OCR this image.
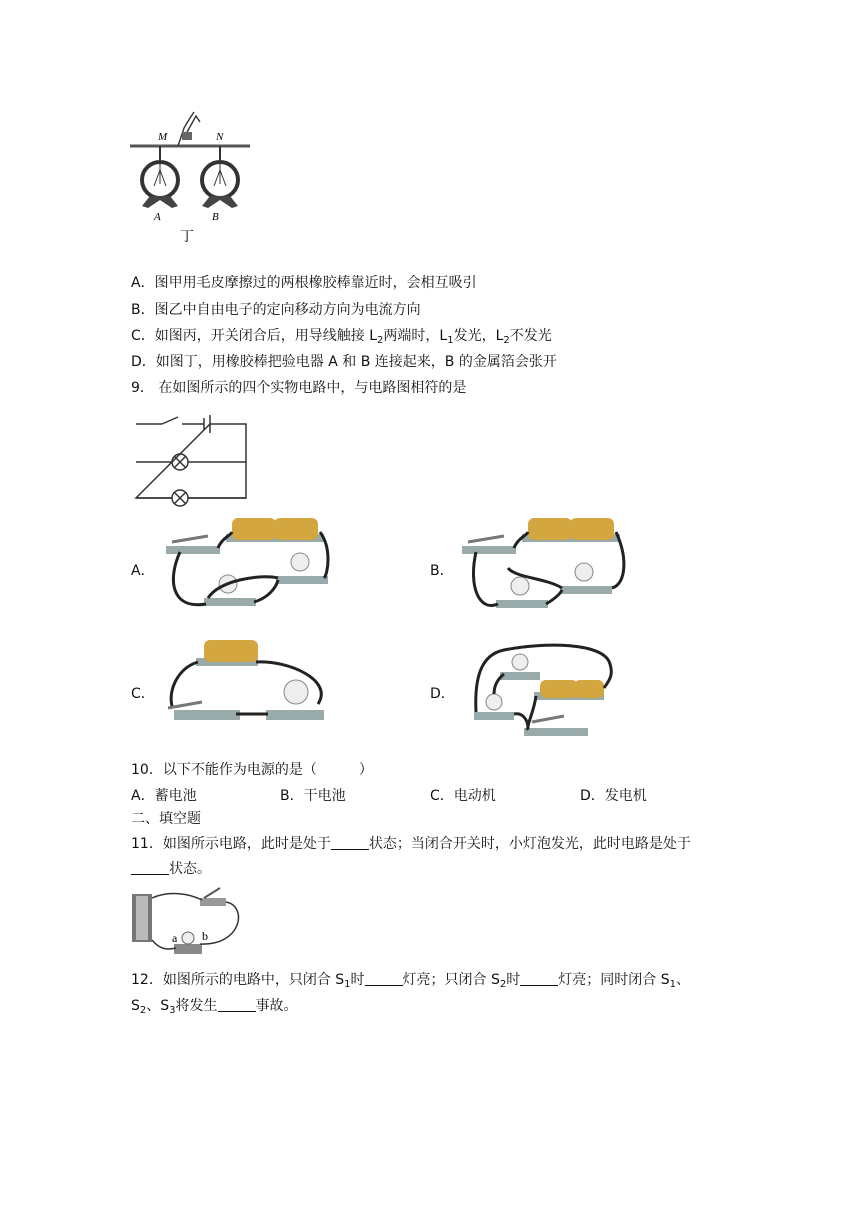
M	N
A	B
丁
A．图甲用毛皮摩擦过的两根橡胶棒靠近时，会相互吸引
B．图乙中自由电子的定向移动方向为电流方向
C．如图丙，开关闭合后，用导线触接 $L_2$两端时，$L_1$发光，$L_2$不发光
D．如图丁，用橡胶棒把验电器 A 和 B 连接起来，B 的金属箔会张开
9． 在如图所示的四个实物电路中，与电路图相符的是
A．	B．
C．	D．
10．以下不能作为电源的是（　　　）
A．蓄电池	B．干电池	C．电动机	D．发电机
二、填空题
11．如图所示电路，此时是处于	状态；当闭合开关时，小灯泡发光，此时电路是处于
状态。
a b
12．如图所示的电路中，只闭合 $S_1$时	灯亮；只闭合 $S_2$时	灯亮；同时闭合 $S_1$、
$S_2$、$S_3$将发生	事故。
